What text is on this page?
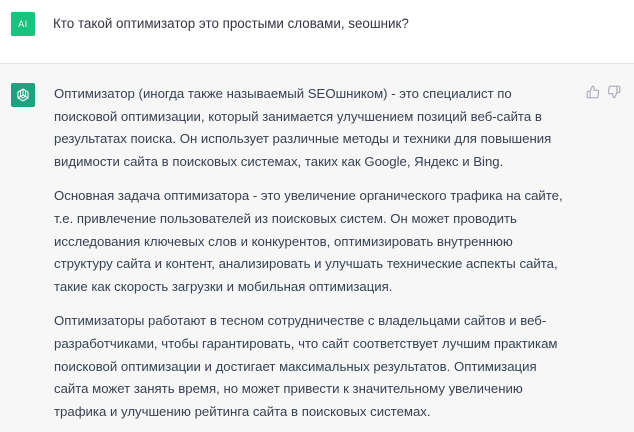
AI Кто такой оптимизатор это простыми словами, seoшник?

Оптимизатор (иногда также называемый SEOшником) - это специалист по поисковой оптимизации, который занимается улучшением позиций веб-сайта в результатах поиска. Он использует различные методы и техники для повышения видимости сайта в поисковых системах, таких как Google, Яндекс и Bing.

Основная задача оптимизатора - это увеличение органического трафика на сайте, т.е. привлечение пользователей из поисковых систем. Он может проводить исследования ключевых слов и конкурентов, оптимизировать внутреннюю структуру сайта и контент, анализировать и улучшать технические аспекты сайта, такие как скорость загрузки и мобильная оптимизация.

Оптимизаторы работают в тесном сотрудничестве с владельцами сайтов и веб-разработчиками, чтобы гарантировать, что сайт соответствует лучшим практикам поисковой оптимизации и достигает максимальных результатов. Оптимизация сайта может занять время, но может привести к значительному увеличению трафика и улучшению рейтинга сайта в поисковых системах.
